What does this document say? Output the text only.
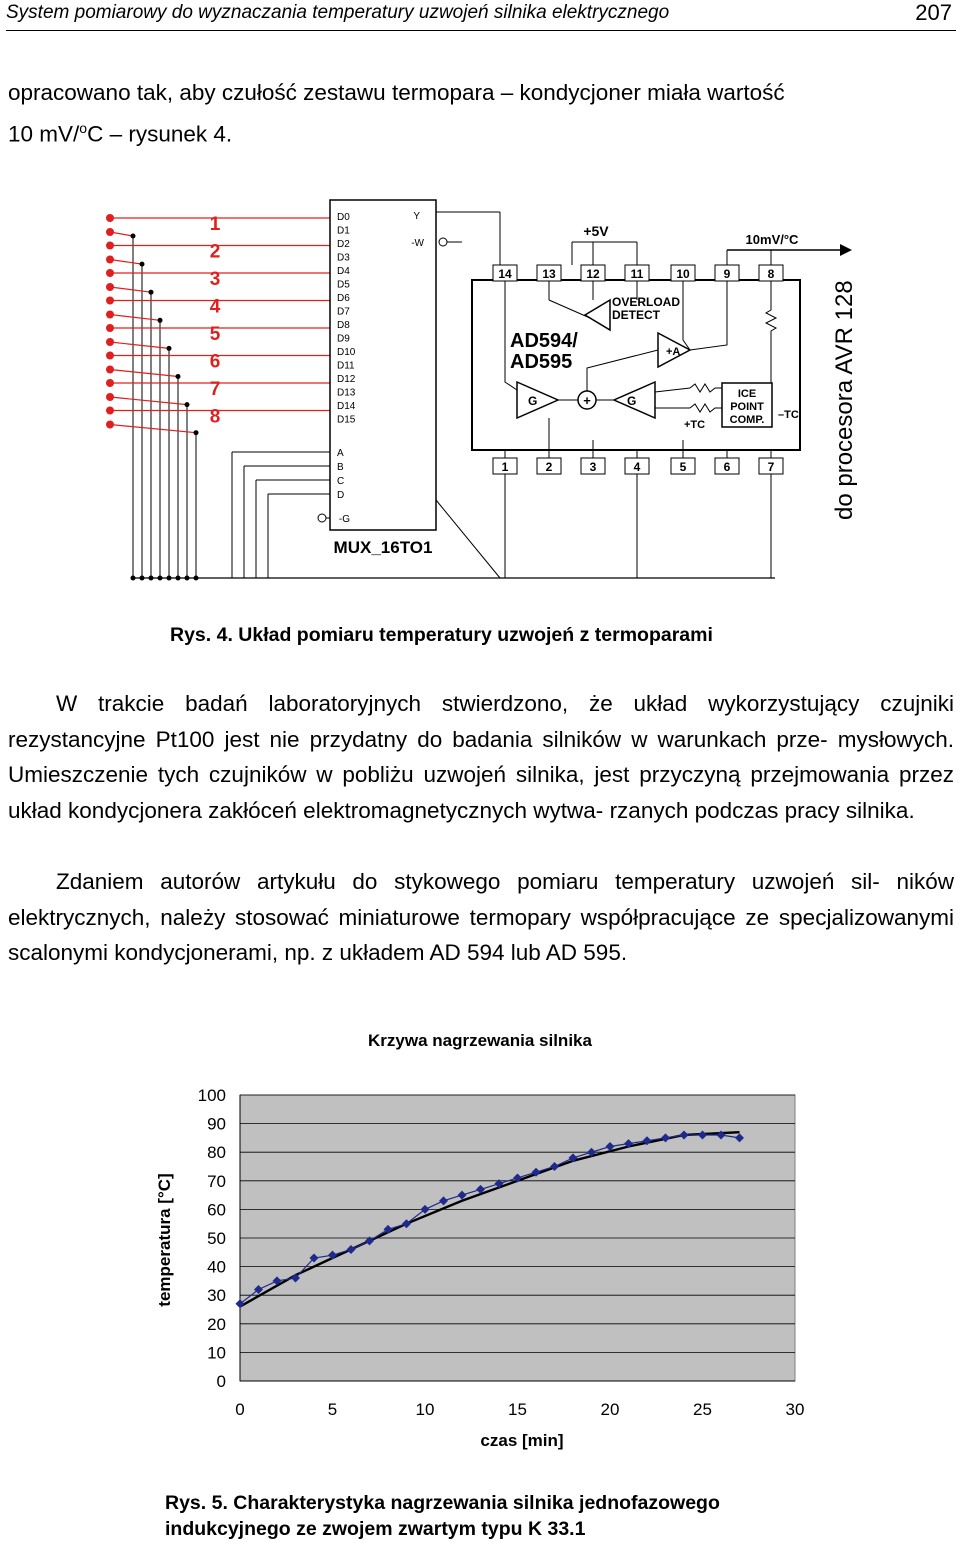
System pomiarowy do wyznaczania temperatury uzwojeń silnika elektrycznego	207

opracowano tak, aby czułość zestawu termopara – kondycjoner miała wartość
10 mV/$^o$C – rysunek 4.

1
2
3
4
5
6
7
8
D0
D1
D2
D3
D4
D5
D6
D7
D8
D9
D10
D11
D12
D13
D14
D15
A
B
C
D
Y
-W
-G
MUX_16TO1
14	13	12	11	10	9	8
1	2	3	4	5	6	7
+5V
10mV/°C
AD594/
AD595
OVERLOAD
DETECT
+A
G	+	G	ICE
POINT
COMP.
+TC
–TC do procesora AVR 128

Rys. 4. Układ pomiaru temperatury uzwojeń z termoparami

W trakcie badań laboratoryjnych stwierdzono, że układ wykorzystujący czujniki rezystancyjne Pt100 jest nie przydatny do badania silników w warunkach prze- mysłowych. Umieszczenie tych czujników w pobliżu uzwojeń silnika, jest przyczyną przejmowania przez układ kondycjonera zakłóceń elektromagnetycznych wytwa- rzanych podczas pracy silnika.

Zdaniem autorów artykułu do stykowego pomiaru temperatury uzwojeń sil- ników elektrycznych, należy stosować miniaturowe termopary współpracujące ze specjalizowanymi scalonymi kondycjonerami, np. z układem AD 594 lub AD 595.

Krzywa nagrzewania silnika
0
10
20
30
40
50
60
70
80
90
100
0	5	10	15	20	25	30
temperatura [°C]
czas [min]

Rys. 5. Charakterystyka nagrzewania silnika jednofazowego
indukcyjnego ze zwojem zwartym typu K 33.1
